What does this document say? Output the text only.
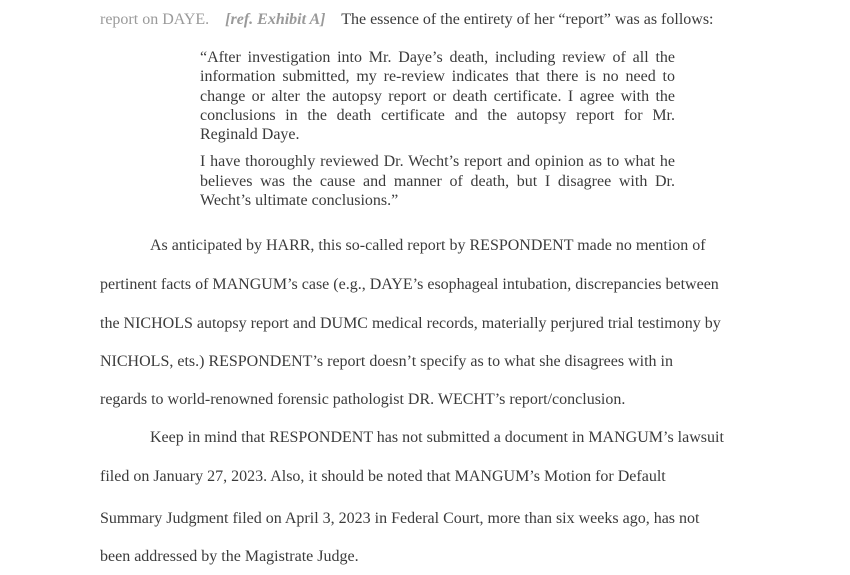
report on DAYE. [ref. Exhibit A] The essence of the entirety of her “report” was as follows:

“After investigation into Mr. Daye’s death, including review of all the information submitted, my re-review indicates that there is no need to change or alter the autopsy report or death certificate. I agree with the conclusions in the death certificate and the autopsy report for Mr. Reginald Daye.

I have thoroughly reviewed Dr. Wecht’s report and opinion as to what he believes was the cause and manner of death, but I disagree with Dr. Wecht’s ultimate conclusions.”

As anticipated by HARR, this so-called report by RESPONDENT made no mention of
pertinent facts of MANGUM’s case (e.g., DAYE’s esophageal intubation, discrepancies between
the NICHOLS autopsy report and DUMC medical records, materially perjured trial testimony by
NICHOLS, ets.) RESPONDENT’s report doesn’t specify as to what she disagrees with in
regards to world-renowned forensic pathologist DR. WECHT’s report/conclusion.
Keep in mind that RESPONDENT has not submitted a document in MANGUM’s lawsuit
filed on January 27, 2023. Also, it should be noted that MANGUM’s Motion for Default
Summary Judgment filed on April 3, 2023 in Federal Court, more than six weeks ago, has not
been addressed by the Magistrate Judge.
